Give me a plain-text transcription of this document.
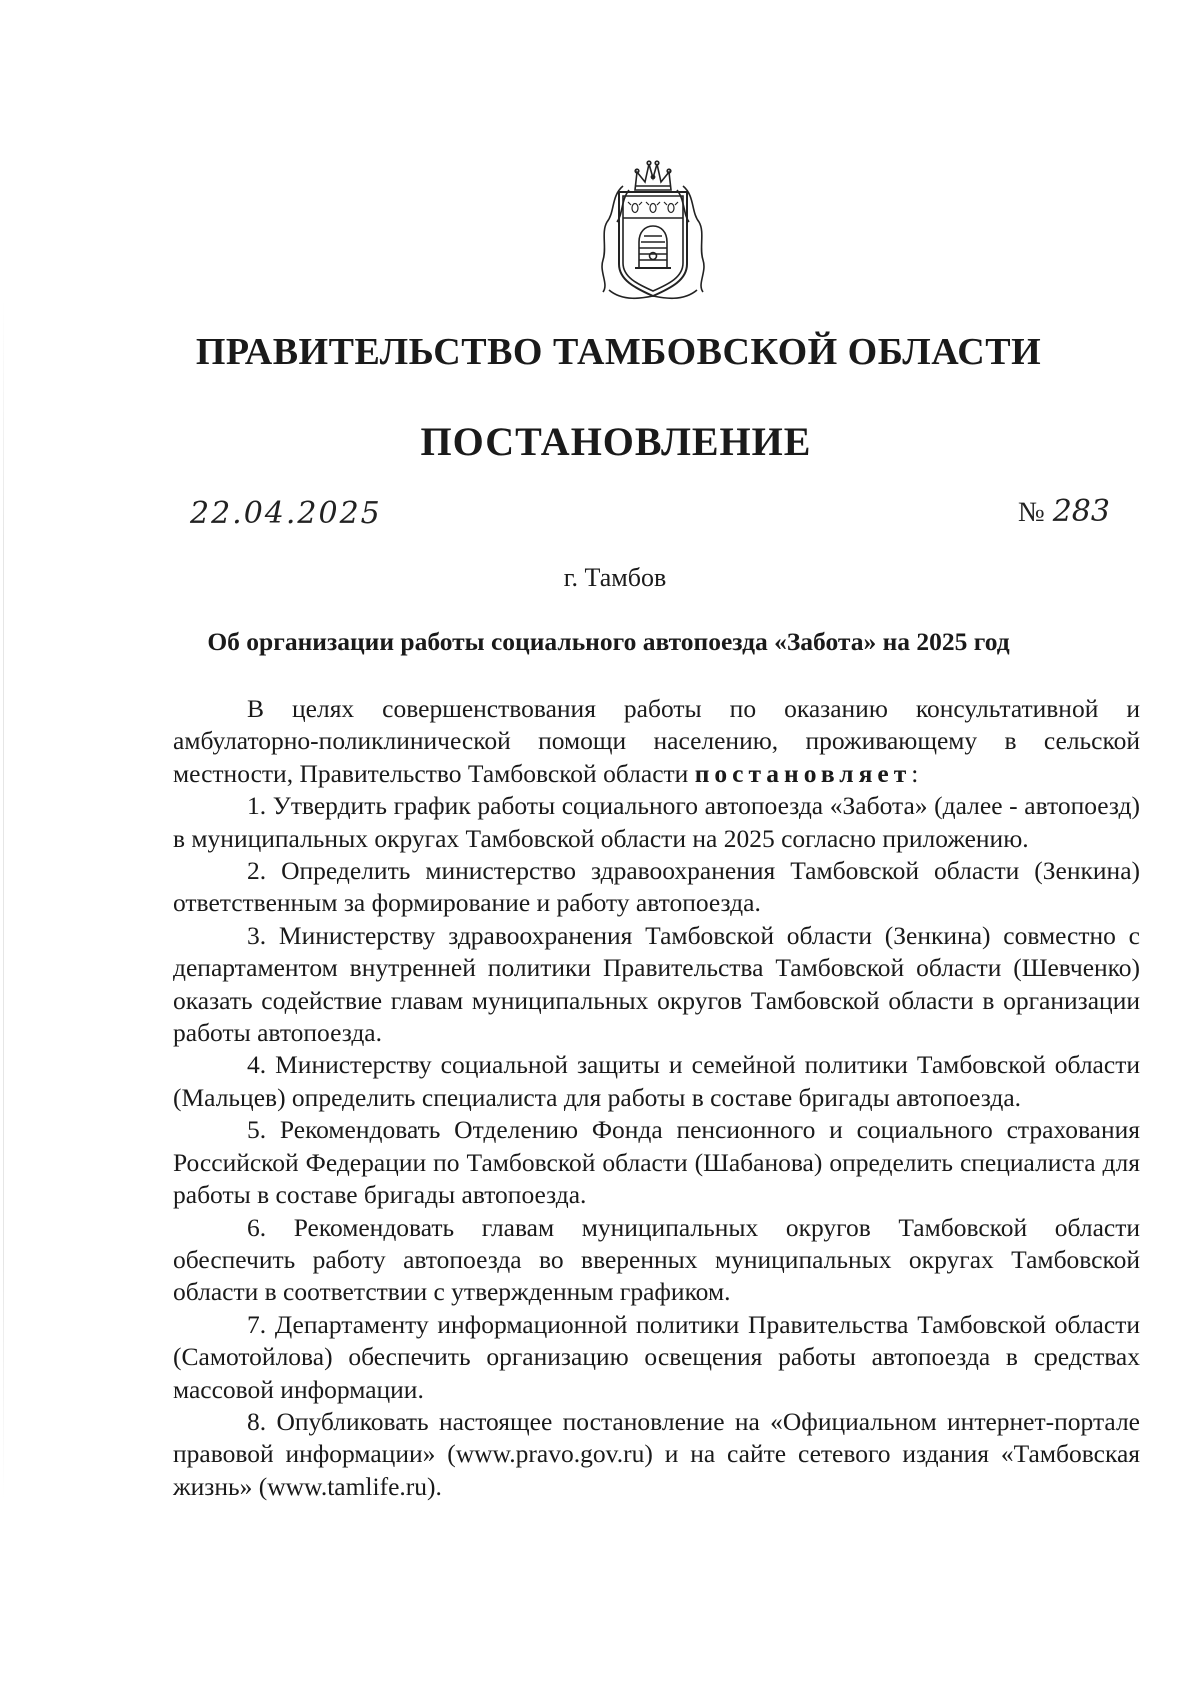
ПРАВИТЕЛЬСТВО ТАМБОВСКОЙ ОБЛАСТИ
ПОСТАНОВЛЕНИЕ
22.04.2025	№ 283
г. Тамбов
Об организации работы социального автопоезда «Забота» на 2025 год

В целях совершенствования работы по оказанию консультативной и амбулаторно-поликлинической помощи населению, проживающему в сельской местности, Правительство Тамбовской области постановляет:

1. Утвердить график работы социального автопоезда «Забота» (далее - автопоезд) в муниципальных округах Тамбовской области на 2025 согласно приложению.

2. Определить министерство здравоохранения Тамбовской области (Зенкина) ответственным за формирование и работу автопоезда.

3. Министерству здравоохранения Тамбовской области (Зенкина) совместно с департаментом внутренней политики Правительства Тамбовской области (Шевченко) оказать содействие главам муниципальных округов Тамбовской области в организации работы автопоезда.

4. Министерству социальной защиты и семейной политики Тамбовской области (Мальцев) определить специалиста для работы в составе бригады автопоезда.

5. Рекомендовать Отделению Фонда пенсионного и социального страхования Российской Федерации по Тамбовской области (Шабанова) определить специалиста для работы в составе бригады автопоезда.

6. Рекомендовать главам муниципальных округов Тамбовской области обеспечить работу автопоезда во вверенных муниципальных округах Тамбовской области в соответствии с утвержденным графиком.

7. Департаменту информационной политики Правительства Тамбовской области (Самотойлова) обеспечить организацию освещения работы автопоезда в средствах массовой информации.

8. Опубликовать настоящее постановление на «Официальном интернет-портале правовой информации» (www.pravo.gov.ru) и на сайте сетевого издания «Тамбовская жизнь» (www.tamlife.ru).
